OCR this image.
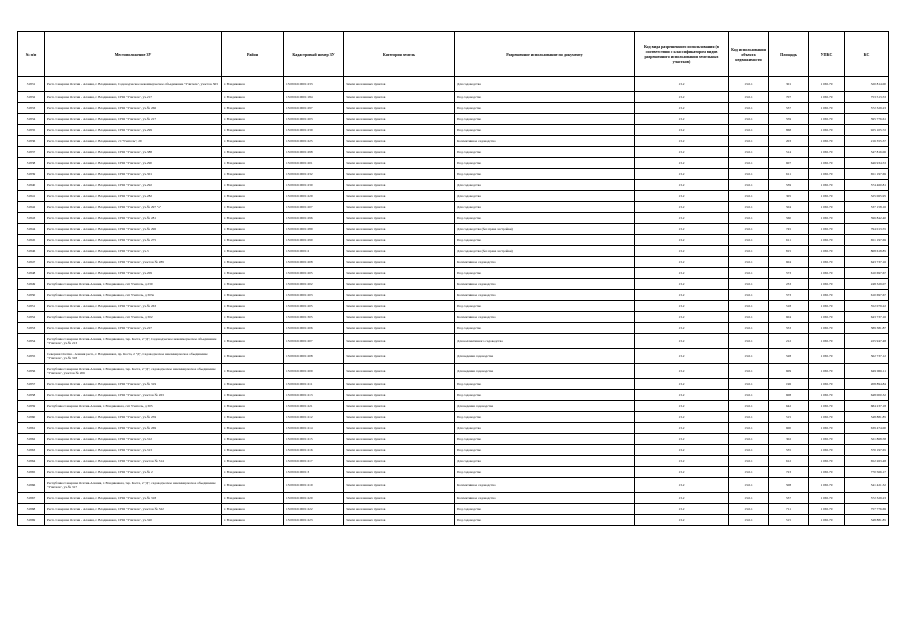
№ п/п	Местоположение ЗУ	Район	Кадастровый номер ЗУ	Категория земель	Разрешенное использование по документу	Код вида разрешенного использования (в соответствии с классификатором видов разрешенного использования земельных участков)	Код использования объекта недвижимости	Площадь	УПКС	КС
31831	Респ. Северная Осетия - Алания, г. Владикавказ, Садоводческое некоммерческое объединение "Учитель", участок 363	г. Владикавказ	15:09:0210001:233	Земли населенных пунктов	Для садоводства	13.2	13.0.1	301	1 065.79	320 814.00
31832	Респ. Северная Осетия - Алания, г. Владикавказ, СНО "Учитель", уч.217	г. Владикавказ	15:09:0210001:184	Земли населенных пунктов	Под садоводство	13.2	13.0.1	707	1 065.79	753 513.53
31833	Респ. Северная Осетия - Алания, г. Владикавказ, СНО "Учитель", уч.№ 266	г. Владикавказ	15:09:0210001:297	Земли населенных пунктов	Под садоводство	13.2	13.0.1	537	1 065.79	572 329.23
31834	Респ. Северная Осетия - Алания, г. Владикавказ, СНО "Учитель", уч.№ 217	г. Владикавказ	15:09:0210001:203	Земли населенных пунктов	Под садоводство	13.2	13.0.1	559	1 065.79	595 776.61
31835	Респ. Северная Осетия - Алания, г. Владикавказ, СНО "Учитель", уч.299	г. Владикавказ	15:09:0210001:239	Земли населенных пунктов	Под садоводство	13.2	13.0.1	868	1 065.79	925 105.72
31836	Респ. Северная Осетия - Алания, г. Владикавказ, ст."Учитель", 29	г. Владикавказ	15:09:0210001:225	Земли населенных пунктов	Коллективное садоводство	13.2	13.0.1	203	1 065.79	216 355.37
31837	Респ. Северная Осетия - Алания, г. Владикавказ, СНО "Учитель", уч.388	г. Владикавказ	15:09:0210001:298	Земли населенных пунктов	Под садоводство	13.2	13.0.1	514	1 065.79	547 816.06
31838	Респ. Северная Осетия - Алания, г. Владикавказ, СНО "Учитель", уч.290	г. Владикавказ	15:09:0210001:201	Земли населенных пунктов	Под садоводство	13.2	13.0.1	607	1 065.79	646 934.53
31839	Респ. Северная Осетия - Алания, г. Владикавказ, СНО "Учитель", уч.301	г. Владикавказ	15:09:0210001:232	Земли населенных пунктов	Под садоводство	13.2	13.0.1	611	1 065.79	651 197.69
31840	Респ. Северная Осетия - Алания, г. Владикавказ, СНО "Учитель", уч.292	г. Владикавказ	15:09:0210001:230	Земли населенных пунктов	Для садоводства	13.2	13.0.1	539	1 065.79	574 460.81
31841	Респ. Северная Осетия - Алания, г. Владикавказ, СНО "Учитель", уч.282	г. Владикавказ	15:09:0210001:229	Земли населенных пунктов	Для садоводства	13.2	13.0.1	305	1 065.79	325 065.95
31842	Респ. Северная Осетия - Алания, г. Владикавказ, СНО "Учитель", уч.№ 297 "а"	г. Владикавказ	15:09:0210001:207	Земли населенных пунктов	Для садоводства	13.2	13.0.1	504	1 065.79	537 158.16
31843	Респ. Северная Осетия - Алания, г. Владикавказ, СНО "Учитель", уч.№ 281	г. Владикавказ	15:09:0210001:296	Земли населенных пунктов	Под садоводство	13.2	13.0.1	560	1 065.79	596 842.40
31844	Респ. Северная Осетия - Алания, г. Владикавказ, СНО "Учитель", уч.№ 296	г. Владикавказ	15:09:0210001:289	Земли населенных пунктов	Для садоводства (без права застройки)	13.2	13.0.1	745	1 065.79	794 013.55
31845	Респ. Северная Осетия - Алания, г. Владикавказ, СНО "Учитель", уч.№ 275	г. Владикавказ	15:09:0210001:290	Земли населенных пунктов	Под садоводство	13.2	13.0.1	611	1 065.79	651 197.69
31846	Респ. Северная Осетия - Алания, г. Владикавказ, СНО "Учитель", уч.3	г. Владикавказ	15:09:0210001:2	Земли населенных пунктов	Для садоводства (без права застройки)	13.2	13.0.1	815	1 065.79	868 618.85
31847	Респ. Северная Осетия - Алания, г. Владикавказ, СНО "Учитель", участок № 289	г. Владикавказ	15:09:0210001:208	Земли населенных пунктов	Коллективное садоводство	13.2	13.0.1	604	1 065.79	643 737.16
31848	Респ. Северная Осетия - Алания, г. Владикавказ, СНО "Учитель", уч.209	г. Владикавказ	15:09:0210001:205	Земли населенных пунктов	Под садоводство	13.2	13.0.1	573	1 065.79	610 697.67
31849	Республика Северная Осетия-Алания, г. Владикавказ, снт Учитель, д 230	г. Владикавказ	15:09:0210001:202	Земли населенных пунктов	Коллективное садоводство	13.2	13.0.1	233	1 065.79	248 329.07
31850	Республика Северная Осетия-Алания, г. Владикавказ, снт Учитель, д 303а	г. Владикавказ	15:09:0210001:203	Земли населенных пунктов	Коллективное садоводство	13.2	13.0.1	573	1 065.79	610 697.67
31851	Респ. Северная Осетия - Алания, г. Владикавказ, СНО "Учитель", уч.№ 263	г. Владикавказ	15:09:0210001:205	Земли населенных пунктов	Под садоводство	13.2	13.0.1	518	1 065.79	552 079.22
31852	Республика Северная Осетия-Алания, г. Владикавказ, снт Учитель, д 302	г. Владикавказ	15:09:0210001:305	Земли населенных пунктов	Коллективное садоводство	13.2	13.0.1	604	1 065.79	643 737.16
31853	Респ. Северная Осетия - Алания, г. Владикавказ, СНО "Учитель", уч.227	г. Владикавказ	15:09:0210001:206	Земли населенных пунктов	Под садоводство	13.2	13.0.1	553	1 065.79	589 381.87
31854	Республика Северная Осетия-Алания, г. Владикавказ, тер. Коста, 2 "Д", Садоводческое некоммерческое объединение "Учитель", уч.№ 213	г. Владикавказ	15:09:0210001:207	Земли населенных пунктов	Для коллективного садоводства	13.2	13.0.1	212	1 065.79	225 947.48
31855	Северная Осетия - Алания респ., г. Владикавказ, пр. Коста, 2 "Д", Садоводческое некоммерческое объединение "Учитель", уч.№ 318	г. Владикавказ	15:09:0210001:208	Земли населенных пунктов	Для ведения садоводства	13.2	13.0.1	528	1 065.79	562 737.12
31856	Республика Северная Осетия-Алания, г. Владикавказ, тер. Коста, 2 "Д", садоводческое некоммерческое объединение "Учитель", участок № 206	г. Владикавказ	15:09:0210001:209	Земли населенных пунктов	Для ведения садоводства	13.2	13.0.1	609	1 065.79	649 066.11
31857	Респ. Северная Осетия - Алания, г. Владикавказ, СНО "Учитель", уч.№ 319	г. Владикавказ	15:09:0210001:211	Земли населенных пунктов	Под садоводство	13.2	13.0.1	196	1 065.79	208 894.84
31858	Респ. Северная Осетия - Алания, г. Владикавказ, СНО "Учитель", участок № 263	г. Владикавказ	15:09:0210001:213	Земли населенных пунктов	Под садоводство	13.2	13.0.1	608	1 065.79	648 000.32
31859	Республика Северная Осетия-Алания, г. Владикавказ, снт Учитель, д 305	г. Владикавказ	15:09:0210001:221	Земли населенных пунктов	Для ведения садоводства	13.2	13.0.1	642	1 065.79	684 237.18
31860	Респ. Северная Осетия - Алания, г. Владикавказ, СНО "Учитель", уч.№ 259	г. Владикавказ	15:09:0210001:212	Земли населенных пунктов	Под садоводство	13.2	13.0.1	515	1 065.79	548 881.85
31861	Респ. Северная Осетия - Алания, г. Владикавказ, СНО "Учитель", уч.№ 269	г. Владикавказ	15:09:0210001:214	Земли населенных пунктов	Для садоводства	13.2	13.0.1	600	1 065.79	639 474.00
31862	Респ. Северная Осетия - Алания, г. Владикавказ, СНО "Учитель", уч.312	г. Владикавказ	15:09:0210001:215	Земли населенных пунктов	Под садоводство	13.2	13.0.1	302	1 065.79	321 868.58
31863	Респ. Северная Осетия - Алания, г. Владикавказ, СНО "Учитель", уч.313	г. Владикавказ	15:09:0210001:216	Земли населенных пунктов	Под садоводство	13.2	13.0.1	535	1 065.79	570 197.65
31864	Респ. Северная Осетия - Алания, г. Владикавказ, СНО "Учитель", участок № 314	г. Владикавказ	15:09:0210001:217	Земли населенных пунктов	Для садоводства	13.2	13.0.1	612	1 065.79	652 263.48
31865	Респ. Северная Осетия - Алания, г. Владикавказ, СНО "Учитель", уч.№ 2	г. Владикавказ	15:09:0210001:3	Земли населенных пунктов	Под садоводство	13.2	13.0.1	723	1 065.79	770 566.17
31866	Республика Северная Осетия-Алания, г. Владикавказ, тер. Коста, 2 "Д", садоводческое некоммерческое объединение "Учитель", уч.№ 317	г. Владикавказ	15:09:0210001:219	Земли населенных пунктов	Коллективное садоводство	13.2	13.0.1	508	1 065.79	541 421.32
31867	Респ. Северная Осетия - Алания, г. Владикавказ, СНО "Учитель", уч.№ 318	г. Владикавказ	15:09:0210001:220	Земли населенных пунктов	Коллективное садоводство	13.2	13.0.1	537	1 065.79	572 329.23
31868	Респ. Северная Осетия - Алания, г. Владикавказ, СНО "Учитель", участок № 322	г. Владикавказ	15:09:0210001:222	Земли населенных пунктов	Под садоводство	13.2	13.0.1	711	1 065.79	757 776.69
31869	Респ. Северная Осетия - Алания, г. Владикавказ, СНО "Учитель", уч.320	г. Владикавказ	15:09:0210001:223	Земли населенных пунктов	Под садоводство	13.2	13.0.1	515	1 065.79	548 881.85
